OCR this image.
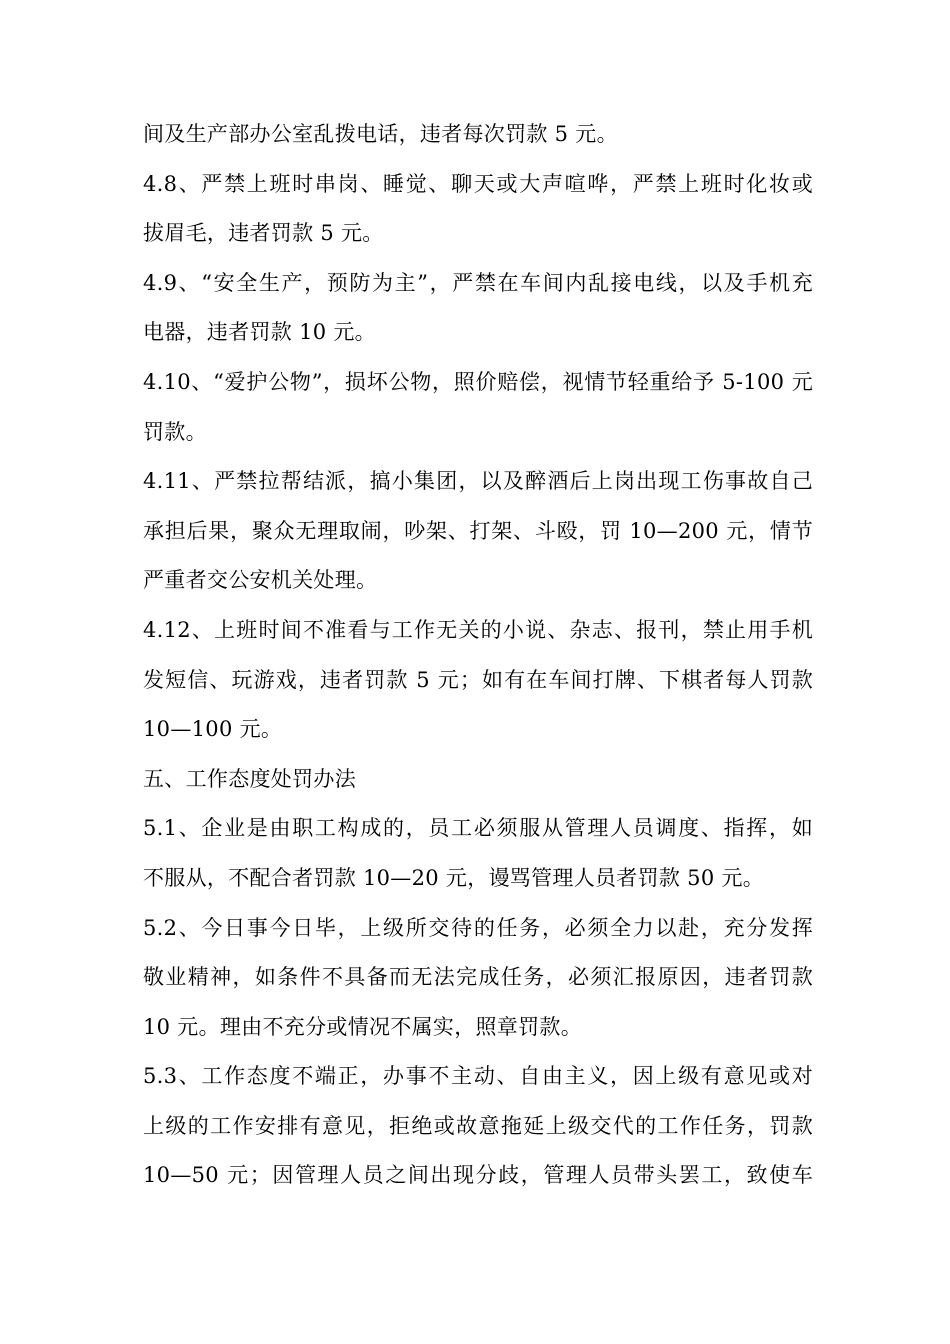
间及生产部办公室乱拨电话，违者每次罚款 5 元。
4.8、严禁上班时串岗、睡觉、聊天或大声喧哗，严禁上班时化妆或
拔眉毛，违者罚款 5 元。
4.9、“安全生产，预防为主”，严禁在车间内乱接电线，以及手机充
电器，违者罚款 10 元。
4.10、“爱护公物”，损坏公物，照价赔偿，视情节轻重给予 5-100 元
罚款。
4.11、严禁拉帮结派，搞小集团，以及醉酒后上岗出现工伤事故自己
承担后果，聚众无理取闹，吵架、打架、斗殴，罚 10—200 元，情节
严重者交公安机关处理。
4.12、上班时间不准看与工作无关的小说、杂志、报刊，禁止用手机
发短信、玩游戏，违者罚款 5 元；如有在车间打牌、下棋者每人罚款
10—100 元。
五、工作态度处罚办法
5.1、企业是由职工构成的，员工必须服从管理人员调度、指挥，如
不服从，不配合者罚款 10—20 元，谩骂管理人员者罚款 50 元。
5.2、今日事今日毕，上级所交待的任务，必须全力以赴，充分发挥
敬业精神，如条件不具备而无法完成任务，必须汇报原因，违者罚款
10 元。理由不充分或情况不属实，照章罚款。
5.3、工作态度不端正，办事不主动、自由主义，因上级有意见或对
上级的工作安排有意见，拒绝或故意拖延上级交代的工作任务，罚款
10—50 元；因管理人员之间出现分歧，管理人员带头罢工，致使车
